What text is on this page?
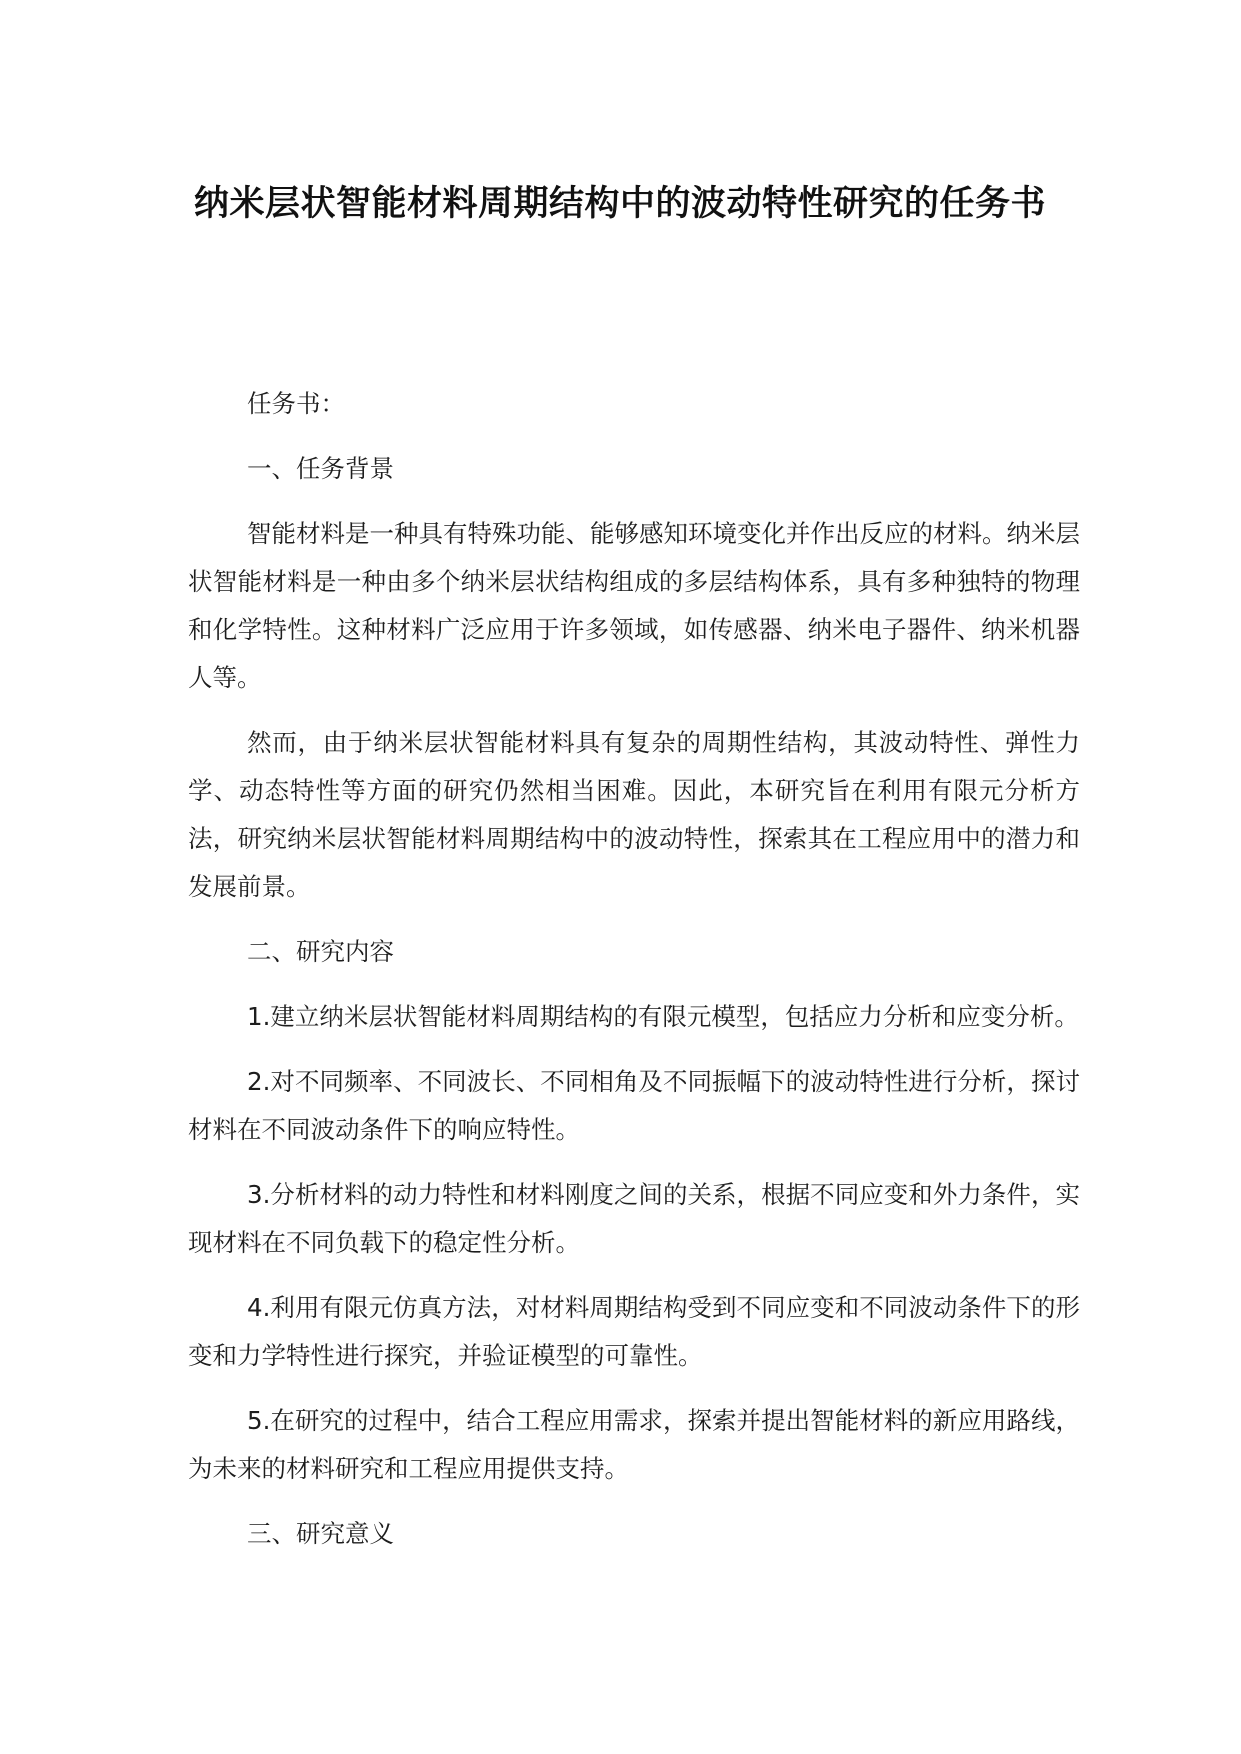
纳米层状智能材料周期结构中的波动特性研究的任务书

任务书：

一、任务背景

智能材料是一种具有特殊功能、能够感知环境变化并作出反应的材料。纳米层状智能材料是一种由多个纳米层状结构组成的多层结构体系，具有多种独特的物理和化学特性。这种材料广泛应用于许多领域，如传感器、纳米电子器件、纳米机器人等。

然而，由于纳米层状智能材料具有复杂的周期性结构，其波动特性、弹性力学、动态特性等方面的研究仍然相当困难。因此，本研究旨在利用有限元分析方法，研究纳米层状智能材料周期结构中的波动特性，探索其在工程应用中的潜力和发展前景。

二、研究内容

1.建立纳米层状智能材料周期结构的有限元模型，包括应力分析和应变分析。

2.对不同频率、不同波长、不同相角及不同振幅下的波动特性进行分析，探讨材料在不同波动条件下的响应特性。

3.分析材料的动力特性和材料刚度之间的关系，根据不同应变和外力条件，实现材料在不同负载下的稳定性分析。

4.利用有限元仿真方法，对材料周期结构受到不同应变和不同波动条件下的形变和力学特性进行探究，并验证模型的可靠性。

5.在研究的过程中，结合工程应用需求，探索并提出智能材料的新应用路线，为未来的材料研究和工程应用提供支持。

三、研究意义
